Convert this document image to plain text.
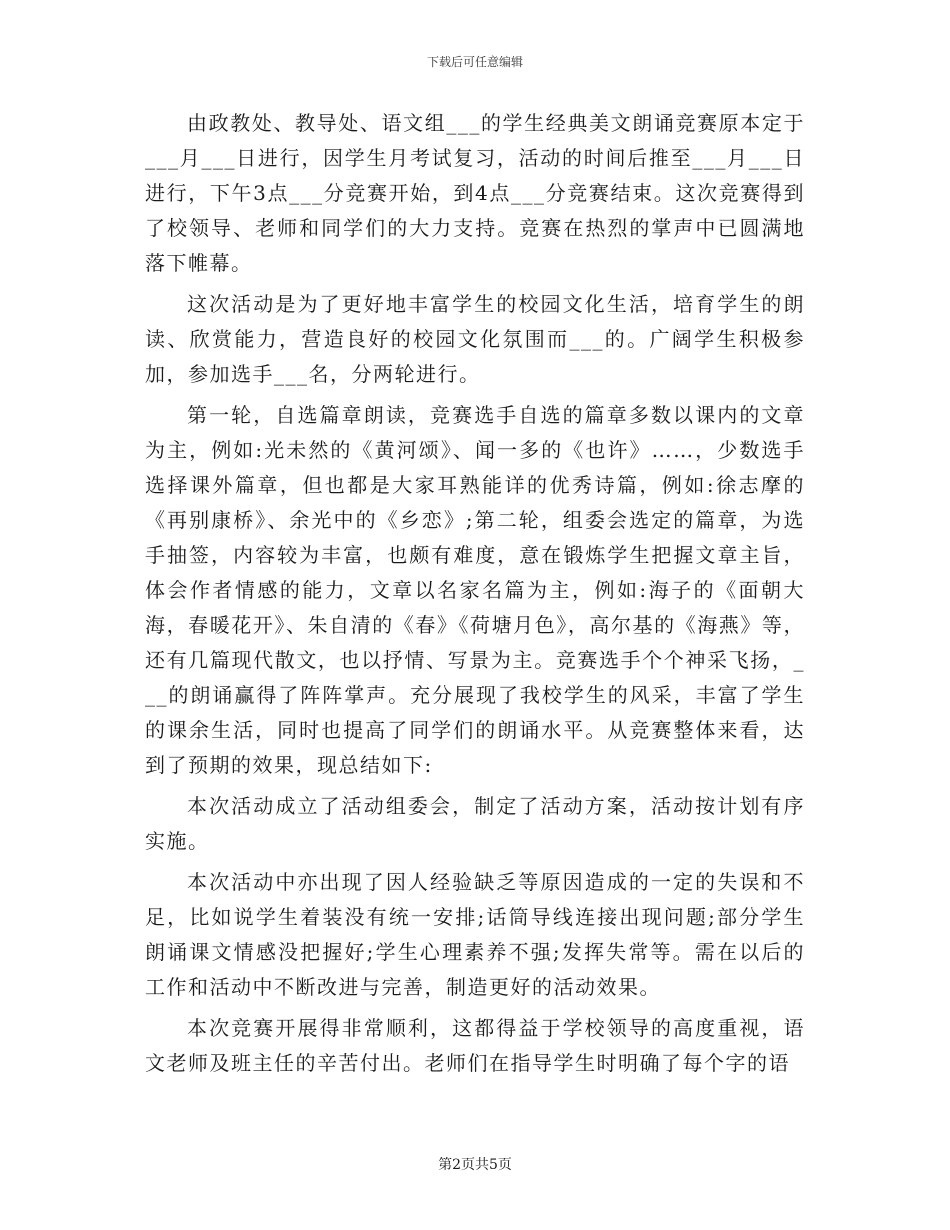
下载后可任意编辑

由政教处、教导处、语文组___的学生经典美文朗诵竞赛原本定于___月___日进行，因学生月考试复习，活动的时间后推至___月___日进行，下午3点___分竞赛开始，到4点___分竞赛结束。这次竞赛得到了校领导、老师和同学们的大力支持。竞赛在热烈的掌声中已圆满地落下帷幕。

这次活动是为了更好地丰富学生的校园文化生活，培育学生的朗读、欣赏能力，营造良好的校园文化氛围而___的。广阔学生积极参加，参加选手___名，分两轮进行。

第一轮，自选篇章朗读，竞赛选手自选的篇章多数以课内的文章为主，例如:光未然的《黄河颂》、闻一多的《也许》……，少数选手选择课外篇章，但也都是大家耳熟能详的优秀诗篇，例如:徐志摩的《再别康桥》、余光中的《乡恋》;第二轮，组委会选定的篇章，为选手抽签，内容较为丰富，也颇有难度，意在锻炼学生把握文章主旨，体会作者情感的能力，文章以名家名篇为主，例如:海子的《面朝大海，春暖花开》、朱自清的《春》《荷塘月色》，高尔基的《海燕》等，还有几篇现代散文，也以抒情、写景为主。竞赛选手个个神采飞扬，___的朗诵赢得了阵阵掌声。充分展现了我校学生的风采，丰富了学生的课余生活，同时也提高了同学们的朗诵水平。从竞赛整体来看，达到了预期的效果，现总结如下:

本次活动成立了活动组委会，制定了活动方案，活动按计划有序实施。

本次活动中亦出现了因人经验缺乏等原因造成的一定的失误和不足，比如说学生着装没有统一安排;话筒导线连接出现问题;部分学生朗诵课文情感没把握好;学生心理素养不强;发挥失常等。需在以后的工作和活动中不断改进与完善，制造更好的活动效果。

本次竞赛开展得非常顺利，这都得益于学校领导的高度重视，语文老师及班主任的辛苦付出。老师们在指导学生时明确了每个字的语

第2页共5页
